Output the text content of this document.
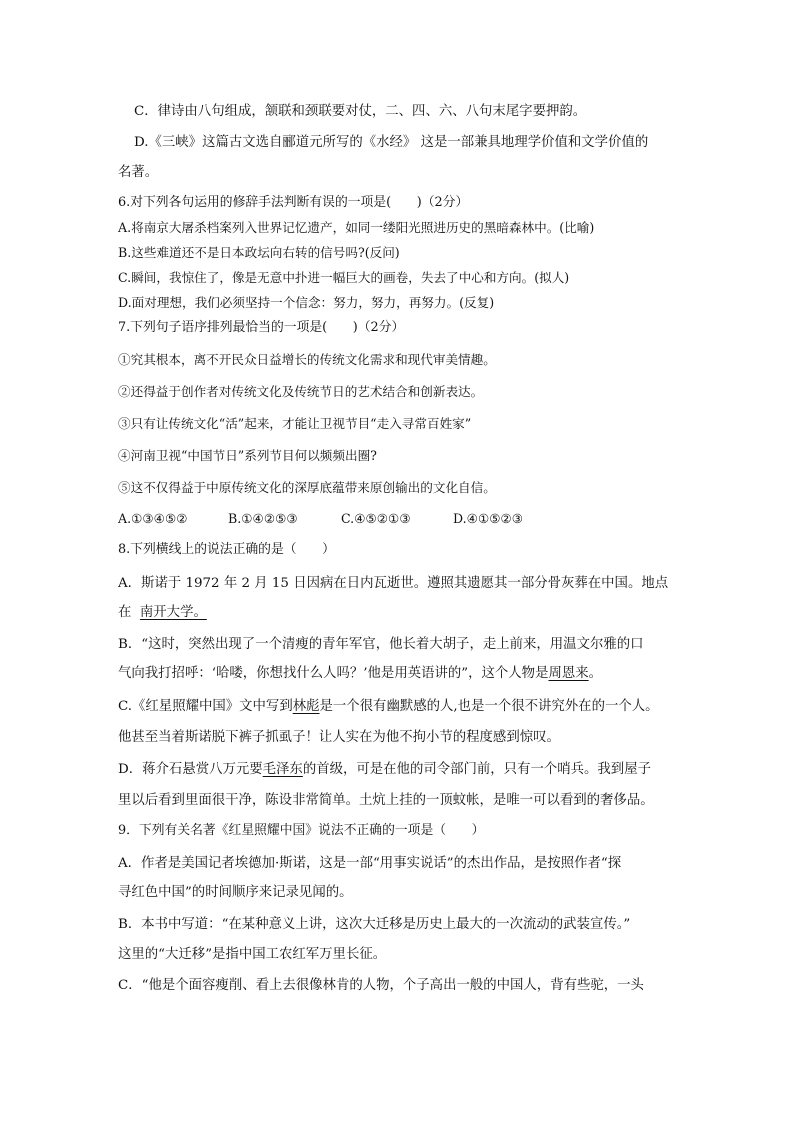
C．律诗由八句组成，颔联和颈联要对仗，二、四、六、八句末尾字要押韵。
D.《三峡》这篇古文选自郦道元所写的《水经》 这是一部兼具地理学价值和文学价值的
名著。
6.对下列各句运用的修辞手法判断有误的一项是(　　)（2分）
A.将南京大屠杀档案列入世界记忆遗产，如同一缕阳光照进历史的黑暗森林中。(比喻)
B.这些难道还不是日本政坛向右转的信号吗?(反问)
C.瞬间，我惊住了，像是无意中扑进一幅巨大的画卷，失去了中心和方向。(拟人)
D.面对理想，我们必须坚持一个信念：努力，努力，再努力。(反复)
7.下列句子语序排列最恰当的一项是(　　)（2分）
①究其根本，离不开民众日益增长的传统文化需求和现代审美情趣。
②还得益于创作者对传统文化及传统节日的艺术结合和创新表达。
③只有让传统文化“活”起来，才能让卫视节目“走入寻常百姓家”
④河南卫视“中国节日”系列节目何以频频出圈?
⑤这不仅得益于中原传统文化的深厚底蕴带来原创输出的文化自信。
A.①③④⑤②	B.①④②⑤③	C.④⑤②①③	D.④①⑤②③
8.下列横线上的说法正确的是（　　）
A．斯诺于 1972 年 2 月 15 日因病在日内瓦逝世。遵照其遗愿其一部分骨灰葬在中国。地点
在  南开大学。
B．“这时，突然出现了一个清瘦的青年军官，他长着大胡子，走上前来，用温文尔雅的口
气向我打招呼：‘哈喽，你想找什么人吗？’他是用英语讲的”，这个人物是周恩来。
C.《红星照耀中国》文中写到林彪是一个很有幽默感的人,也是一个很不讲究外在的一个人。
他甚至当着斯诺脱下裤子抓虱子！让人实在为他不拘小节的程度感到惊叹。
D．蒋介石悬赏八万元要毛泽东的首级，可是在他的司令部门前，只有一个哨兵。我到屋子
里以后看到里面很干净，陈设非常简单。土炕上挂的一顶蚊帐，是唯一可以看到的奢侈品。
9．下列有关名著《红星照耀中国》说法不正确的一项是（　　）
A．作者是美国记者埃德加·斯诺，这是一部“用事实说话”的杰出作品，是按照作者“探
寻红色中国”的时间顺序来记录见闻的。
B．本书中写道：“在某种意义上讲，这次大迁移是历史上最大的一次流动的武装宣传。”
这里的“大迁移”是指中国工农红军万里长征。
C．“他是个面容瘦削、看上去很像林肯的人物，个子高出一般的中国人，背有些驼，一头
